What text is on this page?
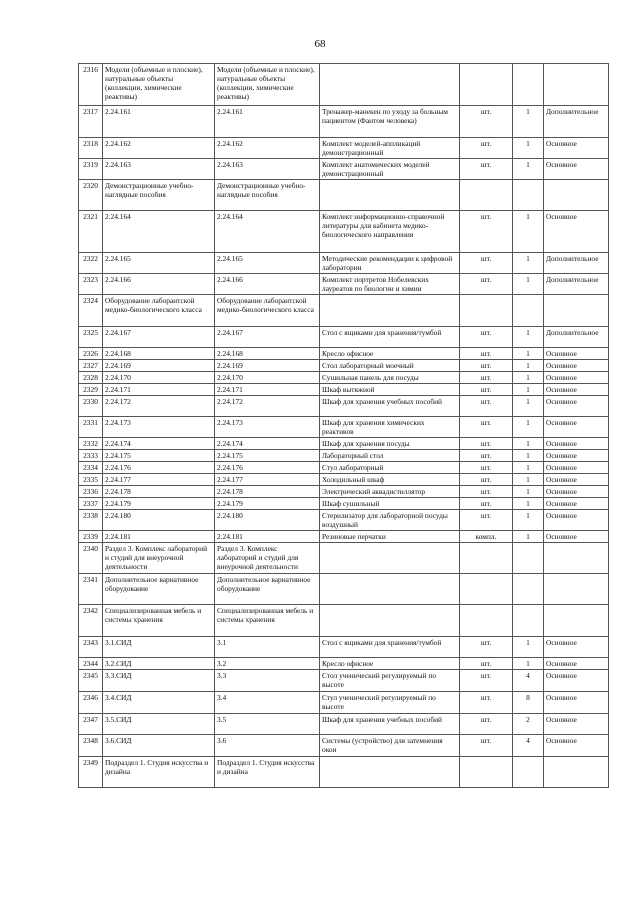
68
2316	Модели (объемные и плоские), натуральные объекты (коллекции, химические реактивы)	Модели (объемные и плоские), натуральные объекты (коллекции, химические реактивы)				
2317	2.24.161	2.24.161	Тренажер-манекен по уходу за больным пациентом (Фантом человека)	шт.	1	Дополнительное
2318	2.24.162	2.24.162	Комплект моделей-аппликаций демонстрационный	шт.	1	Основное
2319	2.24.163	2.24.163	Комплект анатомических моделей демонстрационный	шт.	1	Основное
2320	Демонстрационные учебно-наглядные пособия	Демонстрационные учебно-наглядные пособия				
2321	2.24.164	2.24.164	Комплект информационно-справочной литературы для кабинета медико-биологического направления	шт.	1	Основное
2322	2.24.165	2.24.165	Методические рекомендации к цифровой лаборатории	шт.	1	Дополнительное
2323	2.24.166	2.24.166	Комплект портретов Нобелевских лауреатов по биологии и химии	шт.	1	Дополнительное
2324	Оборудование лаборантской медико-биологического класса	Оборудование лаборантской медико-биологического класса				
2325	2.24.167	2.24.167	Стол с ящиками для хранения/тумбой	шт.	1	Дополнительное
2326	2.24.168	2.24.168	Кресло офисное	шт.	1	Основное
2327	2.24.169	2.24.169	Стол лабораторный моечный	шт.	1	Основное
2328	2.24.170	2.24.170	Сушильная панель для посуды	шт.	1	Основное
2329	2.24.171	2.24.171	Шкаф вытяжной	шт.	1	Основное
2330	2.24.172	2.24.172	Шкаф для хранения учебных пособий	шт.	1	Основное
2331	2.24.173	2.24.173	Шкаф для хранения химических реактивов	шт.	1	Основное
2332	2.24.174	2.24.174	Шкаф для хранения посуды	шт.	1	Основное
2333	2.24.175	2.24.175	Лабораторный стол	шт.	1	Основное
2334	2.24.176	2.24.176	Стул лабораторный	шт.	1	Основное
2335	2.24.177	2.24.177	Холодильный шкаф	шт.	1	Основное
2336	2.24.178	2.24.178	Электрический аквадистиллятор	шт.	1	Основное
2337	2.24.179	2.24.179	Шкаф сушильный	шт.	1	Основное
2338	2.24.180	2.24.180	Стерилизатор для лабораторной посуды воздушный	шт.	1	Основное
2339	2.24.181	2.24.181	Резиновые перчатки	компл.	1	Основное
2340	Раздел 3. Комплекс лабораторий и студий для внеурочной деятельности	Раздел 3. Комплекс лабораторий и студий для внеурочной деятельности				
2341	Дополнительное вариативное оборудование	Дополнительное вариативное оборудование				
2342	Специализированная мебель и системы хранения	Специализированная мебель и системы хранения				
2343	3.1.СИД	3.1	Стол с ящиками для хранения/тумбой	шт.	1	Основное
2344	3.2.СИД	3.2	Кресло офисное	шт.	1	Основное
2345	3.3.СИД	3.3	Стол ученический регулируемый по высоте	шт.	4	Основное
2346	3.4.СИД	3.4	Стул ученический регулируемый по высоте	шт.	8	Основное
2347	3.5.СИД	3.5	Шкаф для хранения учебных пособий	шт.	2	Основное
2348	3.6.СИД	3.6	Системы (устройство) для затемнения окон	шт.	4	Основное
2349	Подраздел 1. Студия искусства и дизайна	Подраздел 1. Студия искусства и дизайна				
